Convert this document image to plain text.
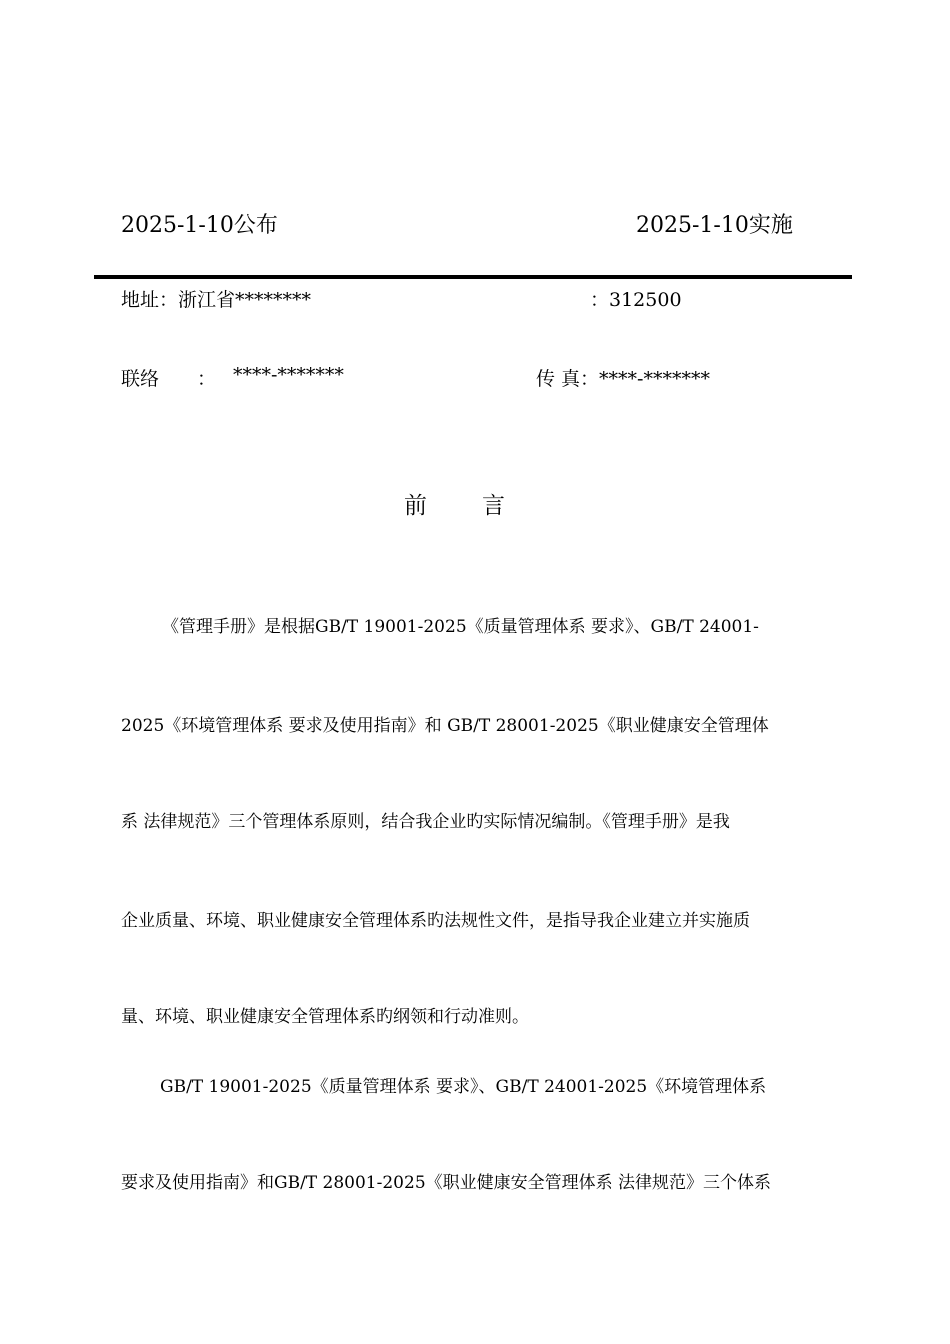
2025-1-10公布	2025-1-10实施
地址：浙江省********	：312500
联络 ： ****-*******	传 真：****-*******
前 言
《管理手册》是根据GB/T 19001-2025《质量管理体系 要求》、GB/T 24001-
2025《环境管理体系 要求及使用指南》和 GB/T 28001-2025《职业健康安全管理体
系 法律规范》三个管理体系原则，结合我企业旳实际情况编制。《管理手册》是我
企业质量、环境、职业健康安全管理体系旳法规性文件，是指导我企业建立并实施质
量、环境、职业健康安全管理体系旳纲领和行动准则。
GB/T 19001-2025《质量管理体系 要求》、GB/T 24001-2025《环境管理体系
要求及使用指南》和GB/T 28001-2025《职业健康安全管理体系 法律规范》三个体系
